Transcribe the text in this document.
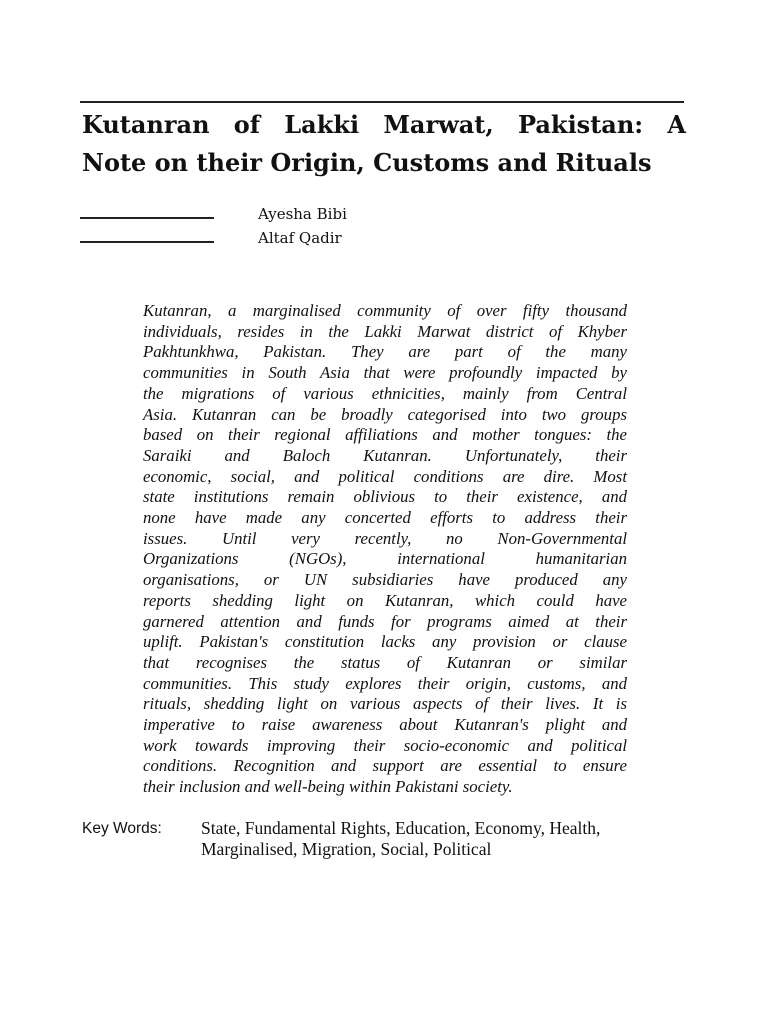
Kutanran of Lakki Marwat, Pakistan: A
Note on their Origin, Customs and Rituals
Ayesha Bibi
Altaf Qadir
Kutanran, a marginalised community of over fifty thousand
individuals, resides in the Lakki Marwat district of Khyber
Pakhtunkhwa, Pakistan. They are part of the many
communities in South Asia that were profoundly impacted by
the migrations of various ethnicities, mainly from Central
Asia. Kutanran can be broadly categorised into two groups
based on their regional affiliations and mother tongues: the
Saraiki and Baloch Kutanran. Unfortunately, their
economic, social, and political conditions are dire. Most
state institutions remain oblivious to their existence, and
none have made any concerted efforts to address their
issues. Until very recently, no Non-Governmental
Organizations (NGOs), international humanitarian
organisations, or UN subsidiaries have produced any
reports shedding light on Kutanran, which could have
garnered attention and funds for programs aimed at their
uplift. Pakistan's constitution lacks any provision or clause
that recognises the status of Kutanran or similar
communities. This study explores their origin, customs, and
rituals, shedding light on various aspects of their lives. It is
imperative to raise awareness about Kutanran's plight and
work towards improving their socio-economic and political
conditions. Recognition and support are essential to ensure
their inclusion and well-being within Pakistani society.
Key Words: State, Fundamental Rights, Education, Economy, Health,
Marginalised, Migration, Social, Political
